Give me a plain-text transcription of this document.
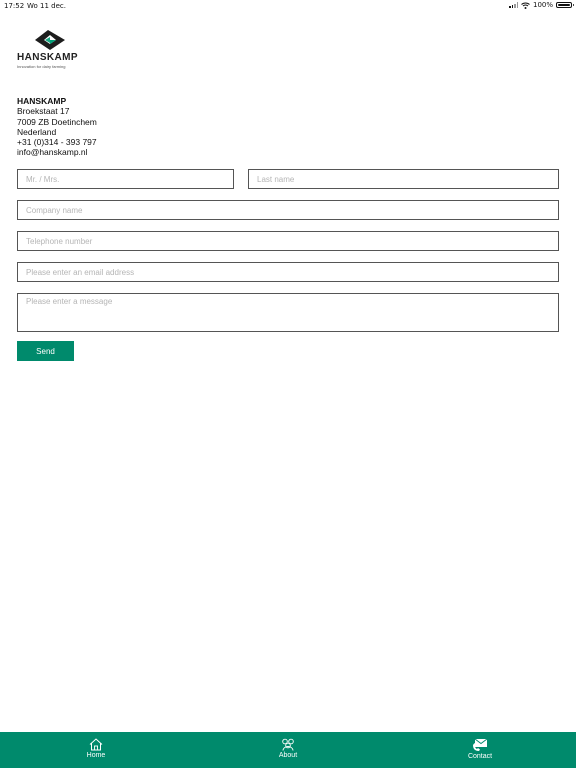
17:52 Wo 11 dec.	100%
HANSKAMP
Innovation for dairy farming
HANSKAMP
Broekstaat 17
7009 ZB Doetinchem
Nederland
+31 (0)314 - 393 797
info@hanskamp.nl
Mr. / Mrs.
Last name
Company name
Telephone number
Please enter an email address
Please enter a message
Send
Home	About	Contact
